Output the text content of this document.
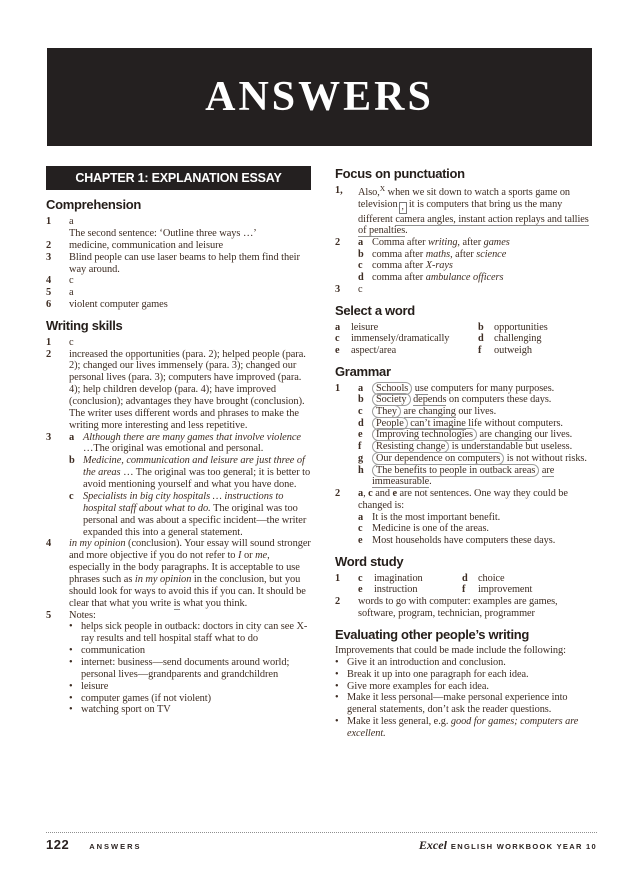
ANSWERS
CHAPTER 1: EXPLANATION ESSAY
Comprehension
1	a
The second sentence: ‘Outline three ways …’
2	medicine, communication and leisure
3	Blind people can use laser beams to help them find their way around.
4	c
5	a
6	violent computer games
Writing skills
1	c
2	increased the opportunities (para. 2); helped people (para. 2); changed our lives immensely (para. 3); changed our personal lives (para. 3); computers have improved (para. 4); help children develop (para. 4); have improved (conclusion); advantages they have brought (conclusion). The writer uses different words and phrases to make the writing more interesting and less repetitive.
3	a Although there are many games that involve violence …The original was emotional and personal.
b Medicine, communication and leisure are just three of the areas … The original was too general; it is better to avoid mentioning yourself and what you have done.
c Specialists in big city hospitals … instructions to hospital staff about what to do. The original was too personal and was about a specific incident—the writer expanded this into a general statement.
4	in my opinion (conclusion). Your essay will sound stronger and more objective if you do not refer to I or me, especially in the body paragraphs. It is acceptable to use phrases such as in my opinion in the conclusion, but you should look for ways to avoid this if you can. It should be clear that what you write is what you think.
5	Notes:
• helps sick people in outback: doctors in city can see X-ray results and tell hospital staff what to do
• communication
• internet: business—send documents around world; personal lives—grandparents and grandchildren
• leisure
• computer games (if not violent)
• watching sport on TV
Focus on punctuation
1,	Also,$^X$ when we sit down to watch a sports game on television , it is computers that bring us the many different camera angles, instant action replays and tallies of penalties.
2	a Comma after writing, after games
b comma after maths, after science
c comma after X-rays
d comma after ambulance officers
3	c
Select a word
a	leisure	b	opportunities
c	immensely/dramatically	d	challenging
e	aspect/area	f	outweigh
Grammar
1	a	Schools use computers for many purposes.
b	Society depends on computers these days.
c	They are changing our lives.
d	People can’t imagine life without computers.
e	Improving technologies are changing our lives.
f	Resisting change is understandable but useless.
g	Our dependence on computers is not without risks.
h	The benefits to people in outback areas are immeasurable.
2	a, c and e are not sentences. One way they could be changed is:
a It is the most important benefit.
c Medicine is one of the areas.
e Most households have computers these days.
Word study
1	c	imagination	d	choice
e	instruction	f	improvement
2	words to go with computer: examples are games, software, program, technician, programmer
Evaluating other people’s writing
Improvements that could be made include the following:
• Give it an introduction and conclusion.
• Break it up into one paragraph for each idea.
• Give more examples for each idea.
• Make it less personal—make personal experience into general statements, don’t ask the reader questions.
• Make it less general, e.g. good for games; computers are excellent.
122	ANSWERS	Excel ENGLISH WORKBOOK YEAR 10
